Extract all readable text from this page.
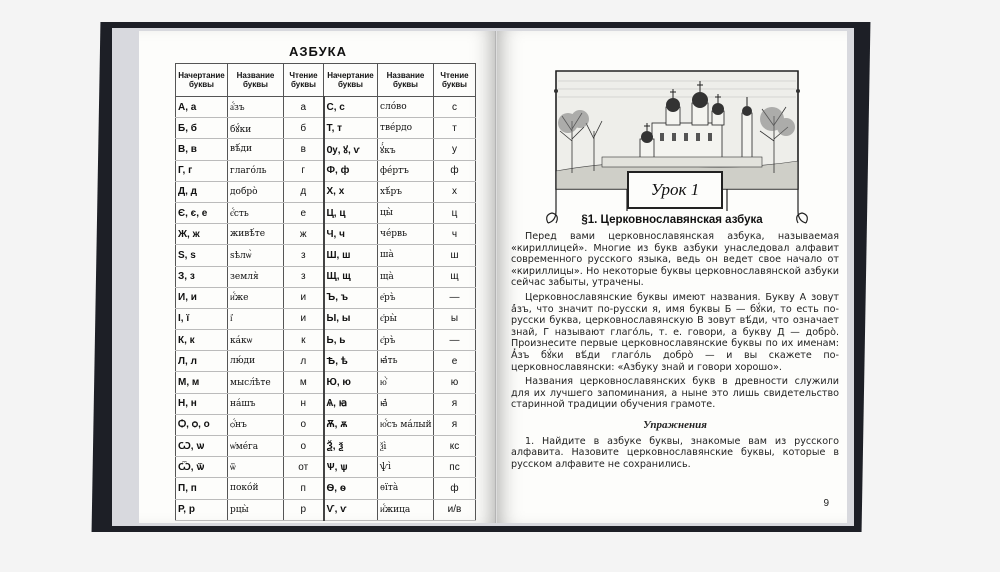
АЗБУКА
Начертание буквы	Название буквы	Чтение буквы	Начертание буквы	Название буквы	Чтение буквы
А, а	а҆́зъ	а	С, с	сло́во	с
Б, б	бꙋ́ки	б	Т, т	тве́рдо	т
В, в	вѣ́ди	в	Ѹ, ꙋ, ѵ	ꙋ҆́къ	у
Г, г	глаго́ль	г	Ф, ф	фе́ртъ	ф
Д, д	добро̀	д	Х, х	хѣ́ръ	х
Є, є, е	є҆́сть	е	Ц, ц	цы̀	ц
Ж, ж	живѣ́те	ж	Ч, ч	че́рвь	ч
Ѕ, ѕ	ѕѣлѡ̀	з	Ш, ш	ша̀	ш
З, з	земля̀	з	Щ, щ	ща̀	щ
И, и	и҆́же	и	Ъ, ъ	е҆ръ̀	—
І, ї	і҆	и	Ы, ы	є҆ры̀	ы
К, к	ка́кѡ	к	Ь, ь	є҆ръ̀	—
Л, л	лю́ди	л	Ѣ, ѣ	ꙗ҆́ть	е
М, м	мысл́ѣте	м	Ю, ю	ю҆̀	ю
Н, н	на́шъ	н	Ѧ, ꙗ	ꙗ҆̀	я
Ѻ, ѻ, о	ѻ҆́нъ	о	Ѫ, ѫ	ю҆́съ ма́лый	я
Ѡ, ѡ	ѡ҆ме́га	о	Ѯ, ѯ	ѯі̀	кс
Ѿ, ѿ	ѿ	от	Ѱ, ѱ	ѱі̀	пс
П, п	поко́й	п	Ѳ, ѳ	ѳїта̀	ф
Р, р	рцы̀	р	Ѵ, ѵ	и҆́жица	и/в
Урок 1
§1. Церковнославянская азбука

Перед вами церковнославянская азбука, называемая «кириллицей». Многие из букв азбуки унаследовал алфавит современного русского языка, ведь он ведет свое начало от «кириллицы». Но некоторые буквы церковнославянской азбуки сейчас забыты, утрачены.

Церковнославянские буквы имеют названия. Букву А зовут а҆́зъ, что значит по-русски я, имя буквы Б — бꙋ́ки, то есть по-русски буква, церковнославянскую В зовут вѣ́ди, что означает знай, Г называют глаго́ль, т. е. говори, а букву Д — добро̀. Произнесите первые церковнославянские буквы по их именам: А҆́зъ бꙋ́ки вѣ́ди глаго́ль добро̀ — и вы скажете по-церковнославянски: «Азбуку знай и говори хорошо».

Названия церковнославянских букв в древности служили для их лучшего запоминания, а ныне это лишь свидетельство старинной традиции обучения грамоте.

Упражнения

1. Найдите в азбуке буквы, знакомые вам из русского алфавита. Назовите церковнославянские буквы, которые в русском алфавите не сохранились.

9
